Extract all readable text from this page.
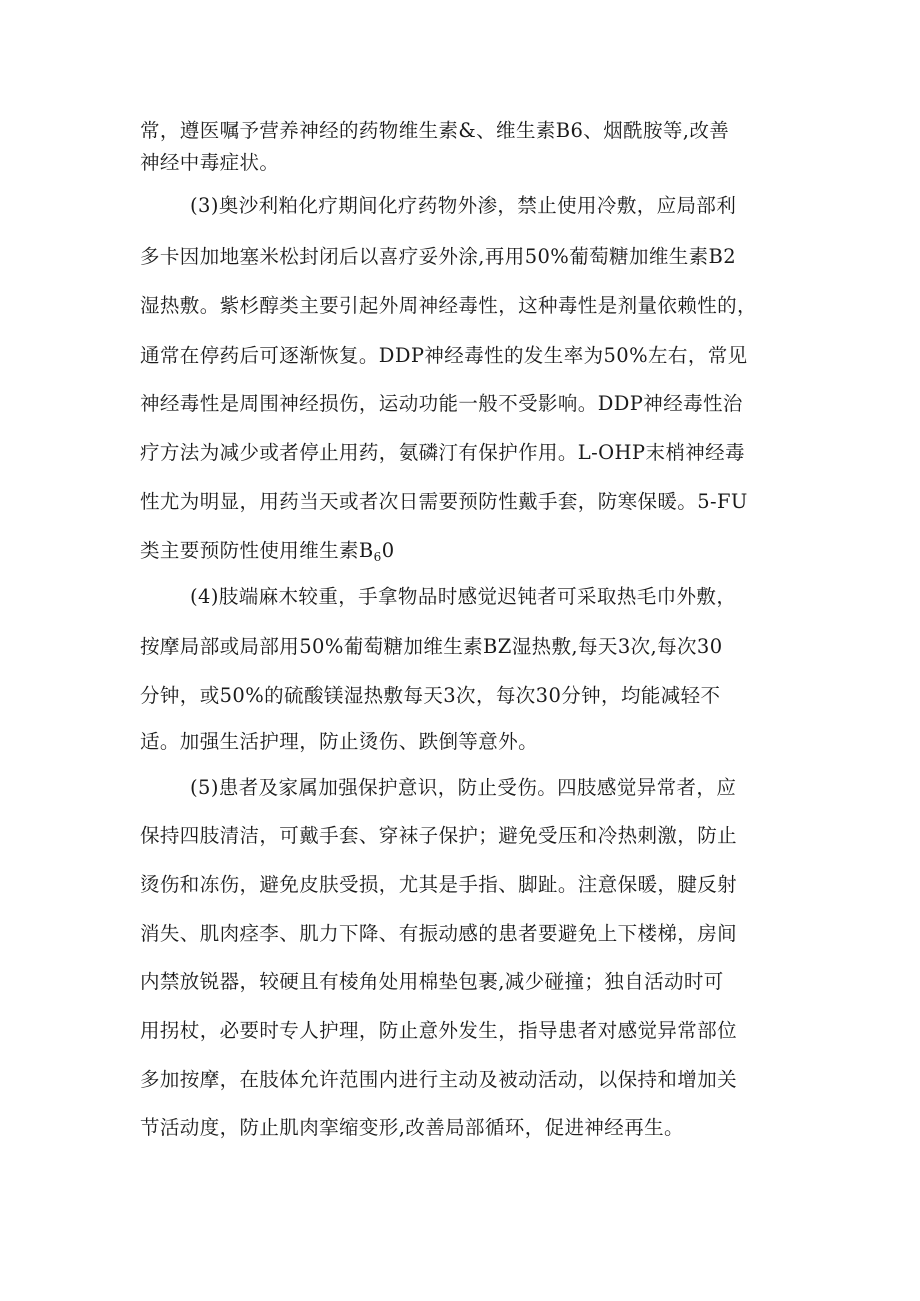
常，遵医嘱予营养神经的药物维生素&、维生素B6、烟酰胺等,改善
神经中毒症状。
(3)奥沙利粕化疗期间化疗药物外渗，禁止使用冷敷，应局部利
多卡因加地塞米松封闭后以喜疗妥外涂,再用50%葡萄糖加维生素B2
湿热敷。紫杉醇类主要引起外周神经毒性，这种毒性是剂量依赖性的，
通常在停药后可逐渐恢复。DDP神经毒性的发生率为50%左右，常见
神经毒性是周围神经损伤，运动功能一般不受影响。DDP神经毒性治
疗方法为减少或者停止用药，氨磷汀有保护作用。L-OHP末梢神经毒
性尤为明显，用药当天或者次日需要预防性戴手套，防寒保暖。5-FU
类主要预防性使用维生素$B_60$
(4)肢端麻木较重，手拿物品时感觉迟钝者可采取热毛巾外敷，
按摩局部或局部用50%葡萄糖加维生素BZ湿热敷,每天3次,每次30
分钟，或50%的硫酸镁湿热敷每天3次，每次30分钟，均能减轻不
适。加强生活护理，防止烫伤、跌倒等意外。
(5)患者及家属加强保护意识，防止受伤。四肢感觉异常者，应
保持四肢清洁，可戴手套、穿袜子保护；避免受压和冷热刺激，防止
烫伤和冻伤，避免皮肤受损，尤其是手指、脚趾。注意保暖，腱反射
消失、肌肉痉李、肌力下降、有振动感的患者要避免上下楼梯，房间
内禁放锐器，较硬且有棱角处用棉垫包裹,减少碰撞；独自活动时可
用拐杖，必要时专人护理，防止意外发生，指导患者对感觉异常部位
多加按摩，在肢体允许范围内进行主动及被动活动，以保持和增加关
节活动度，防止肌肉挛缩变形,改善局部循环，促进神经再生。
